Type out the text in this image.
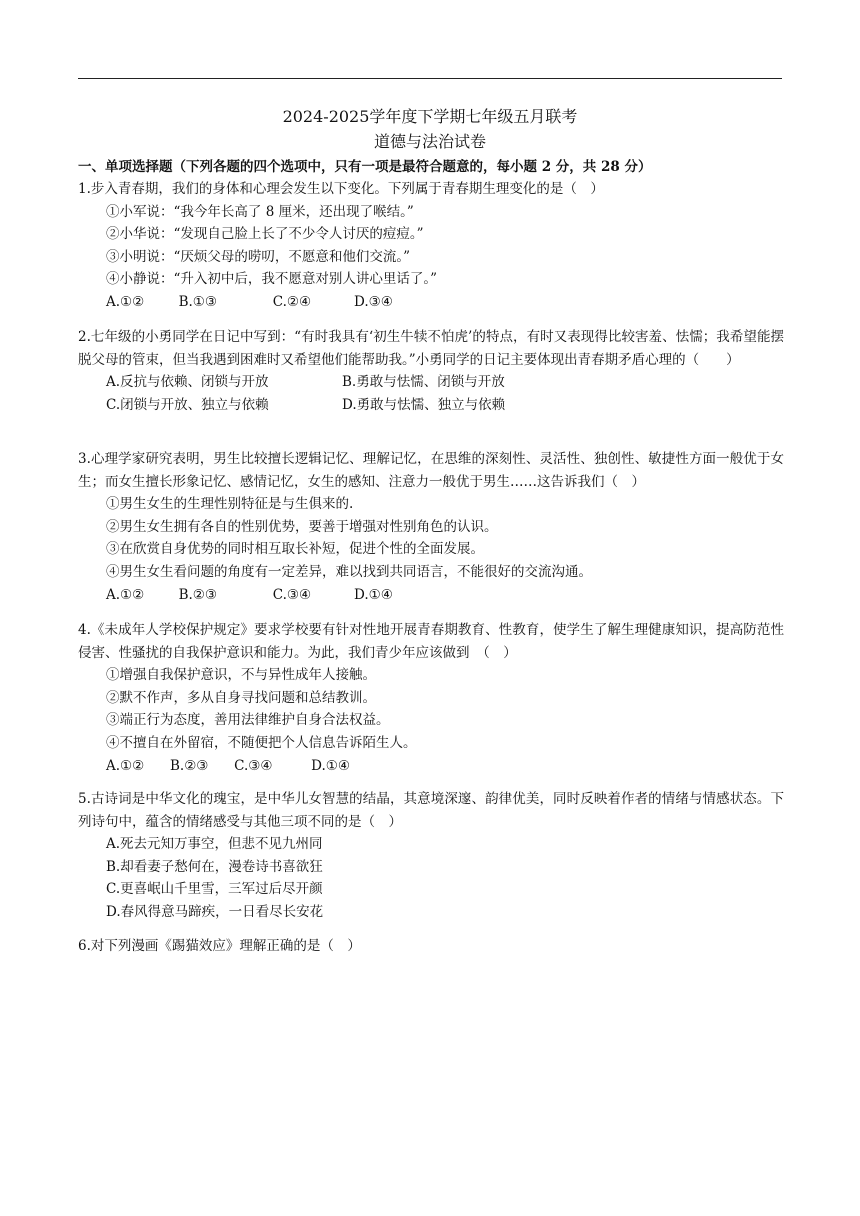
2024-2025学年度下学期七年级五月联考
道德与法治试卷
一、单项选择题（下列各题的四个选项中，只有一项是最符合题意的，每小题 2 分，共 28 分）

1.步入青春期，我们的身体和心理会发生以下变化。下列属于青春期生理变化的是（　）

①小军说：“我今年长高了 8 厘米，还出现了喉结。”
②小华说：“发现自己脸上长了不少令人讨厌的痘痘。”
③小明说：“厌烦父母的唠叨，不愿意和他们交流。”
④小静说：“升入初中后，我不愿意对别人讲心里话了。”
A.①②        B.①③             C.②④          D.③④

2.七年级的小勇同学在日记中写到：“有时我具有‘初生牛犊不怕虎’的特点，有时又表现得比较害羞、怯懦；我希望能摆脱父母的管束，但当我遇到困难时又希望他们能帮助我。”小勇同学的日记主要体现出青春期矛盾心理的（　　）

A.反抗与依赖、闭锁与开放	B.勇敢与怯懦、闭锁与开放
C.闭锁与开放、独立与依赖	D.勇敢与怯懦、独立与依赖

3.心理学家研究表明，男生比较擅长逻辑记忆、理解记忆，在思维的深刻性、灵活性、独创性、敏捷性方面一般优于女生；而女生擅长形象记忆、感情记忆，女生的感知、注意力一般优于男生……这告诉我们（　）

①男生女生的生理性别特征是与生俱来的.
②男生女生拥有各自的性别优势，要善于增强对性别角色的认识。
③在欣赏自身优势的同时相互取长补短，促进个性的全面发展。
④男生女生看问题的角度有一定差异，难以找到共同语言，不能很好的交流沟通。
A.①②        B.②③             C.③④          D.①④

4.《未成年人学校保护规定》要求学校要有针对性地开展青春期教育、性教育，使学生了解生理健康知识，提高防范性侵害、性骚扰的自我保护意识和能力。为此，我们青少年应该做到　（　）

①增强自我保护意识，不与异性成年人接触。
②默不作声，多从自身寻找问题和总结教训。
③端正行为态度，善用法律维护自身合法权益。
④不擅自在外留宿，不随便把个人信息告诉陌生人。
A.①②      B.②③      C.③④         D.①④

5.古诗词是中华文化的瑰宝，是中华儿女智慧的结晶，其意境深邃、韵律优美，同时反映着作者的情绪与情感状态。下列诗句中，蕴含的情绪感受与其他三项不同的是（　）

A.死去元知万事空，但悲不见九州同
B.却看妻子愁何在，漫卷诗书喜欲狂
C.更喜岷山千里雪，三军过后尽开颜
D.春风得意马蹄疾，一日看尽长安花

6.对下列漫画《踢猫效应》理解正确的是（　）
